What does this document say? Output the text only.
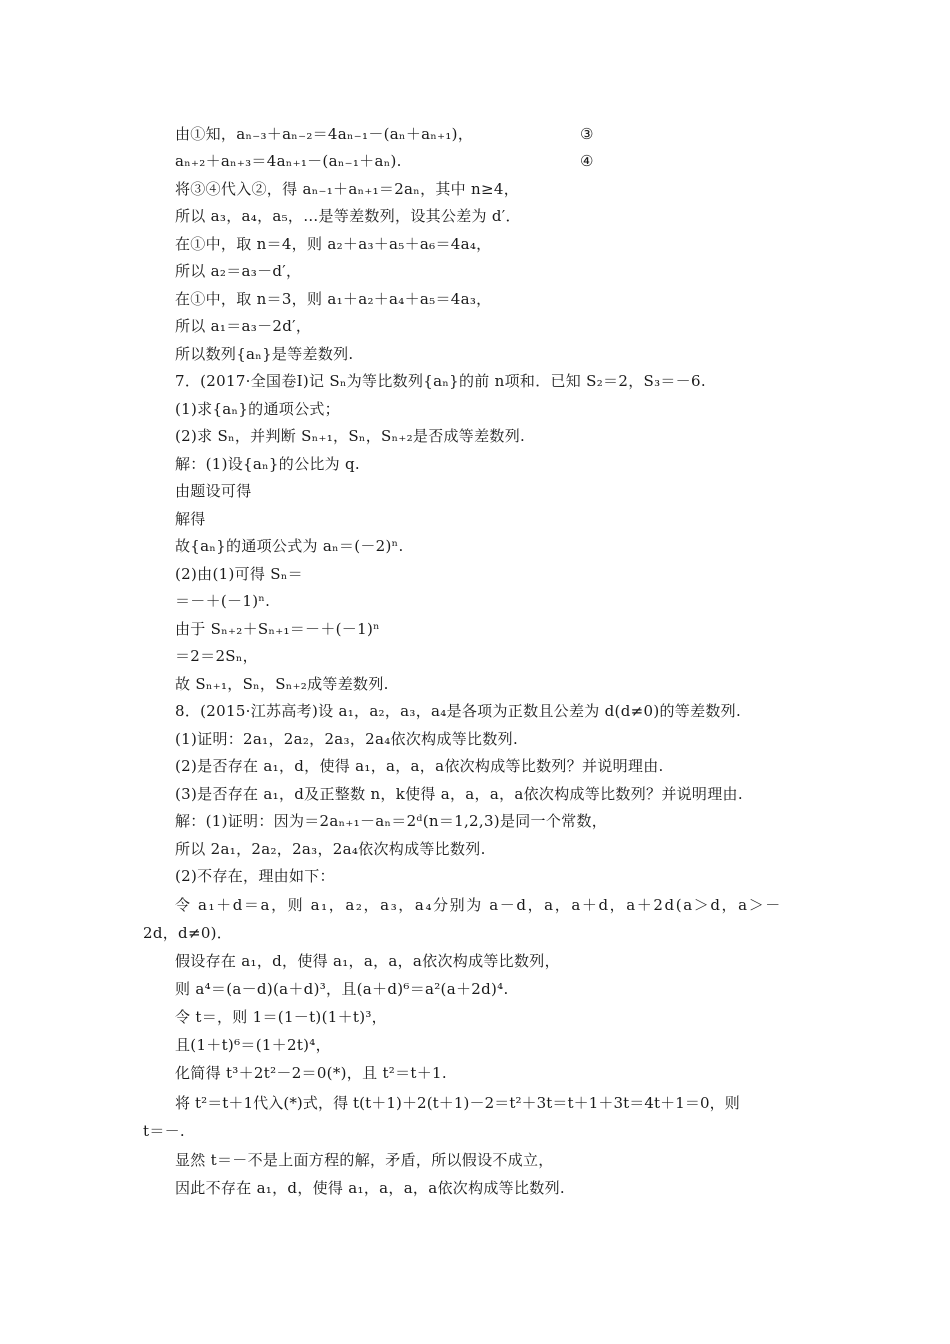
由①知，aₙ₋₃＋aₙ₋₂＝4aₙ₋₁－(aₙ＋aₙ₊₁)，	③
aₙ₊₂＋aₙ₊₃＝4aₙ₊₁－(aₙ₋₁＋aₙ).	④
将③④代入②，得 aₙ₋₁＋aₙ₊₁＝2aₙ，其中 n≥4，
所以 a₃，a₄，a₅，…是等差数列，设其公差为 d′．
在①中，取 n＝4，则 a₂＋a₃＋a₅＋a₆＝4a₄，
所以 a₂＝a₃－d′，
在①中，取 n＝3，则 a₁＋a₂＋a₄＋a₅＝4a₃，
所以 a₁＝a₃－2d′，
所以数列{aₙ}是等差数列.
7．(2017·全国卷Ⅰ)记 Sₙ为等比数列{aₙ}的前 n项和．已知 S₂＝2，S₃＝－6.
(1)求{aₙ}的通项公式；
(2)求 Sₙ，并判断 Sₙ₊₁，Sₙ，Sₙ₊₂是否成等差数列.
解：(1)设{aₙ}的公比为 q.
由题设可得
解得
故{aₙ}的通项公式为 aₙ＝(－2)ⁿ.
(2)由(1)可得 Sₙ＝
＝－＋(－1)ⁿ.
由于 Sₙ₊₂＋Sₙ₊₁＝－＋(－1)ⁿ
＝2＝2Sₙ，
故 Sₙ₊₁，Sₙ，Sₙ₊₂成等差数列.
8．(2015·江苏高考)设 a₁，a₂，a₃，a₄是各项为正数且公差为 d(d≠0)的等差数列.
(1)证明：2a₁，2a₂，2a₃，2a₄依次构成等比数列.
(2)是否存在 a₁，d，使得 a₁，a，a，a依次构成等比数列？并说明理由.
(3)是否存在 a₁，d及正整数 n，k使得 a，a，a，a依次构成等比数列？并说明理由.
解：(1)证明：因为＝2aₙ₊₁－aₙ＝2ᵈ(n＝1,2,3)是同一个常数，
所以 2a₁，2a₂，2a₃，2a₄依次构成等比数列.
(2)不存在，理由如下：
令 a₁＋d＝a，则 a₁，a₂，a₃，a₄分别为 a－d，a，a＋d，a＋2d(a＞d，a＞－
2d，d≠0)．
假设存在 a₁，d，使得 a₁，a，a，a依次构成等比数列，
则 a⁴＝(a－d)(a＋d)³，且(a＋d)⁶＝a²(a＋2d)⁴.
令 t＝，则 1＝(1－t)(1＋t)³，
且(1＋t)⁶＝(1＋2t)⁴，
化简得 t³＋2t²－2＝0(*)，且 t²＝t＋1.
将 t²＝t＋1代入(*)式，得 t(t＋1)＋2(t＋1)－2＝t²＋3t＝t＋1＋3t＝4t＋1＝0，则
t＝－.
显然 t＝－不是上面方程的解，矛盾，所以假设不成立，
因此不存在 a₁，d，使得 a₁，a，a，a依次构成等比数列.
